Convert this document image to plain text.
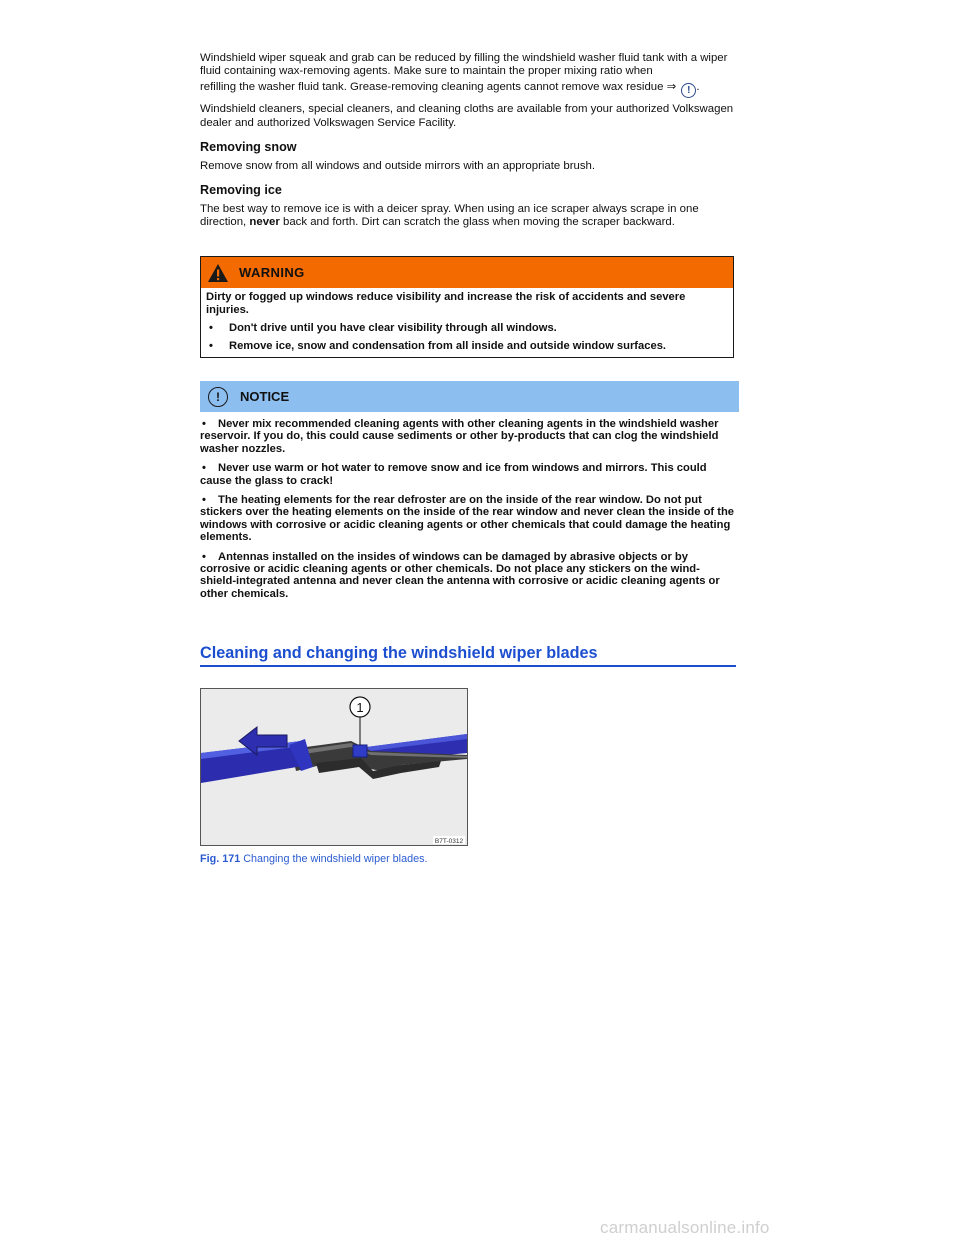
Windshield wiper squeak and grab can be reduced by filling the windshield washer fluid tank with a wiper fluid containing wax-removing agents. Make sure to maintain the proper mixing ratio when
refilling the washer fluid tank. Grease-removing cleaning agents cannot remove wax residue ⇒ ! .

Windshield cleaners, special cleaners, and cleaning cloths are available from your authorized Volkswagen dealer and authorized Volkswagen Service Facility.

Removing snow

Remove snow from all windows and outside mirrors with an appropriate brush.

Removing ice

The best way to remove ice is with a deicer spray. When using an ice scraper always scrape in one direction, never back and forth. Dirt can scratch the glass when moving the scraper backward.

WARNING

Dirty or fogged up windows reduce visibility and increase the risk of accidents and severe injuries.

•	Don't drive until you have clear visibility through all windows.
•	Remove ice, snow and condensation from all inside and outside window surfaces.
!	NOTICE

• Never mix recommended cleaning agents with other cleaning agents in the windshield washer reservoir. If you do, this could cause sediments or other by-products that can clog the windshield washer nozzles.

• Never use warm or hot water to remove snow and ice from windows and mirrors. This could cause the glass to crack!

• The heating elements for the rear defroster are on the inside of the rear window. Do not put stickers over the heating elements on the inside of the rear window and never clean the inside of the windows with corrosive or acidic cleaning agents or other chemicals that could damage the heating elements.

• Antennas installed on the insides of windows can be damaged by abrasive objects or by corrosive or acidic cleaning agents or other chemicals. Do not place any stickers on the wind-shield-integrated antenna and never clean the antenna with corrosive or acidic cleaning agents or other chemicals.

Cleaning and changing the windshield wiper blades
1
B7T-0312
Fig. 171 Changing the windshield wiper blades.
carmanualsonline.info
